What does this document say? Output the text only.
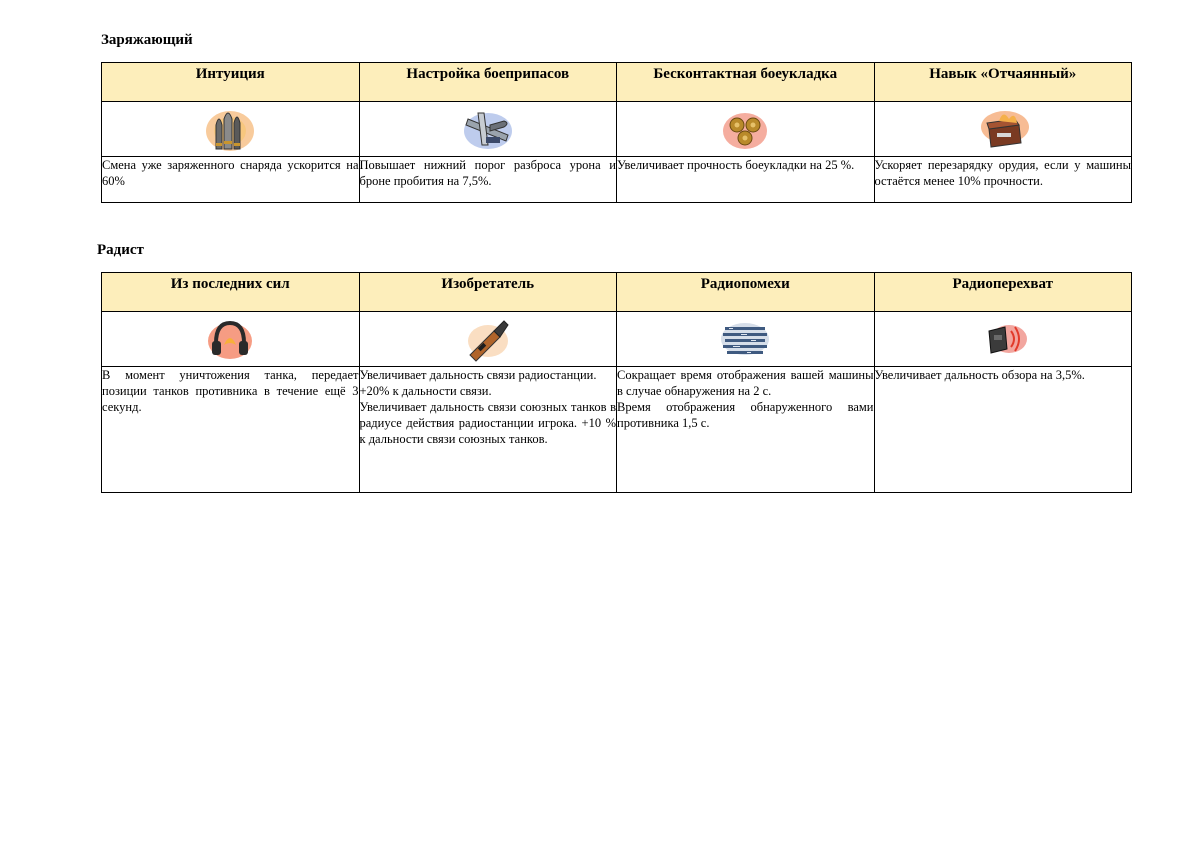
Заряжающий
Интуиция	Настройка боеприпасов	Бесконтактная боеукладка	Навык «Отчаянный»

Смена уже заряженного снаряда ускорится на 60%	Повышает нижний порог разброса урона и броне пробития на 7,5%.	Увеличивает прочность боеукладки на 25 %.	Ускоряет перезарядку орудия, если у машины остаётся менее 10% прочности.
Радист
Из последних сил	Изобретатель	Радиопомехи	Радиоперехват

В момент уничтожения танка, передает позиции танков противника в течение ещё 3 секунд.	Увеличивает дальность связи радиостанции.
+20% к дальности связи.
Увеличивает дальность связи союзных танков в радиусе действия радиостанции игрока. +10 % к дальности связи союзных танков.	Сокращает время отображения вашей машины в случае обнаружения на 2 с.
Время отображения обнаруженного вами противника 1,5 с.	Увеличивает дальность обзора на 3,5%.
